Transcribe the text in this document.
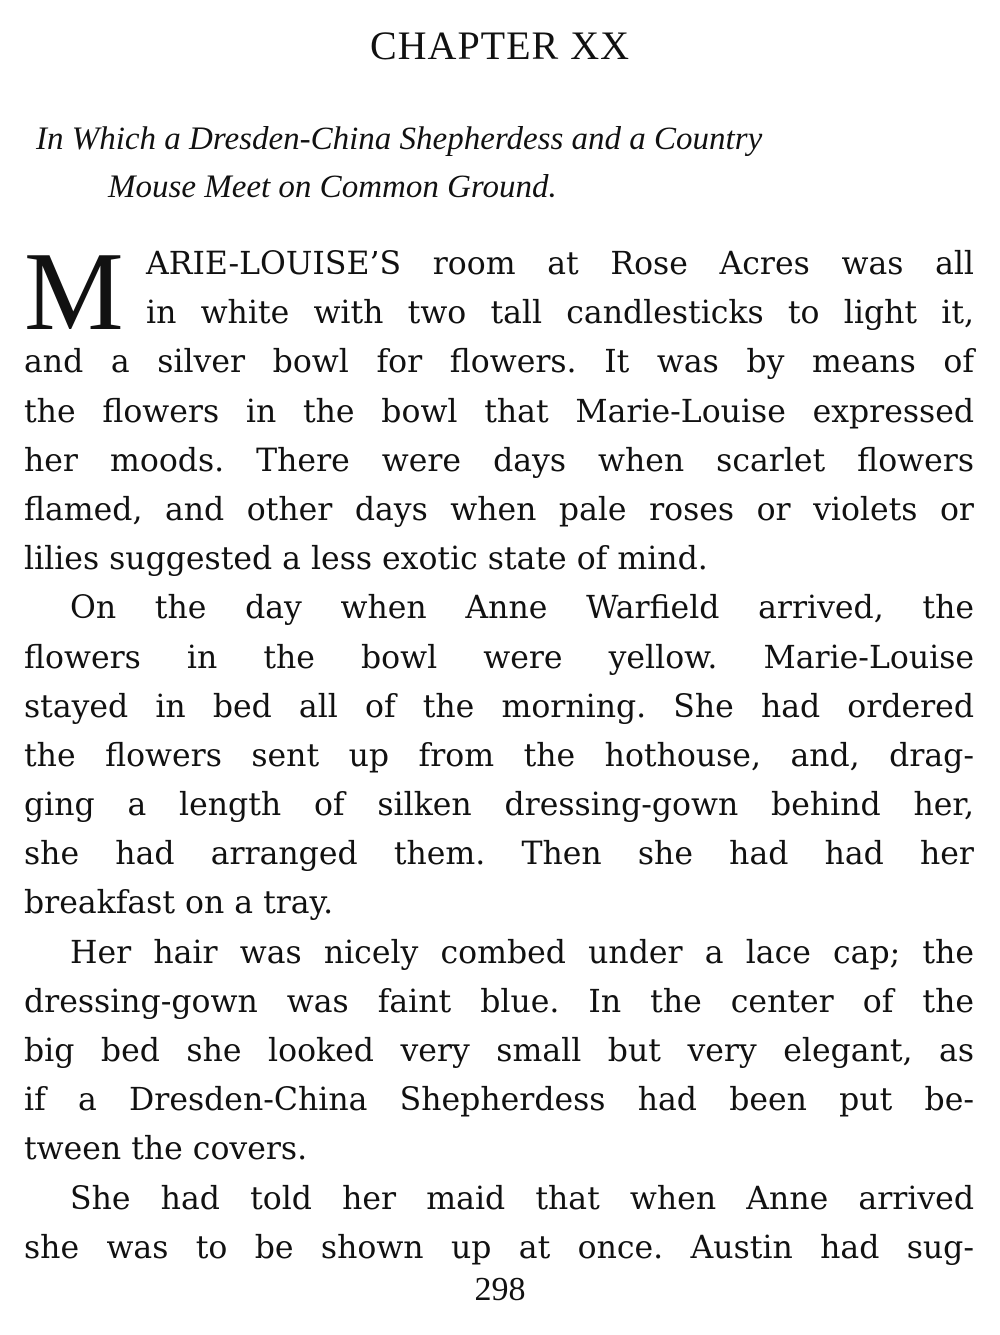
CHAPTER XX
In Which a Dresden-China Shepherdess and a Country
Mouse Meet on Common Ground.
M ARIE-LOUISE’S room at Rose Acres was all
in white with two tall candlesticks to light it,
and a silver bowl for flowers. It was by means of
the flowers in the bowl that Marie-Louise expressed
her moods. There were days when scarlet flowers
flamed, and other days when pale roses or violets or
lilies suggested a less exotic state of mind.
On the day when Anne Warfield arrived, the
flowers in the bowl were yellow. Marie-Louise
stayed in bed all of the morning. She had ordered
the flowers sent up from the hothouse, and, drag-
ging a length of silken dressing-gown behind her,
she had arranged them. Then she had had her
breakfast on a tray.
Her hair was nicely combed under a lace cap; the
dressing-gown was faint blue. In the center of the
big bed she looked very small but very elegant, as
if a Dresden-China Shepherdess had been put be-
tween the covers.
She had told her maid that when Anne arrived
she was to be shown up at once. Austin had sug-
298
